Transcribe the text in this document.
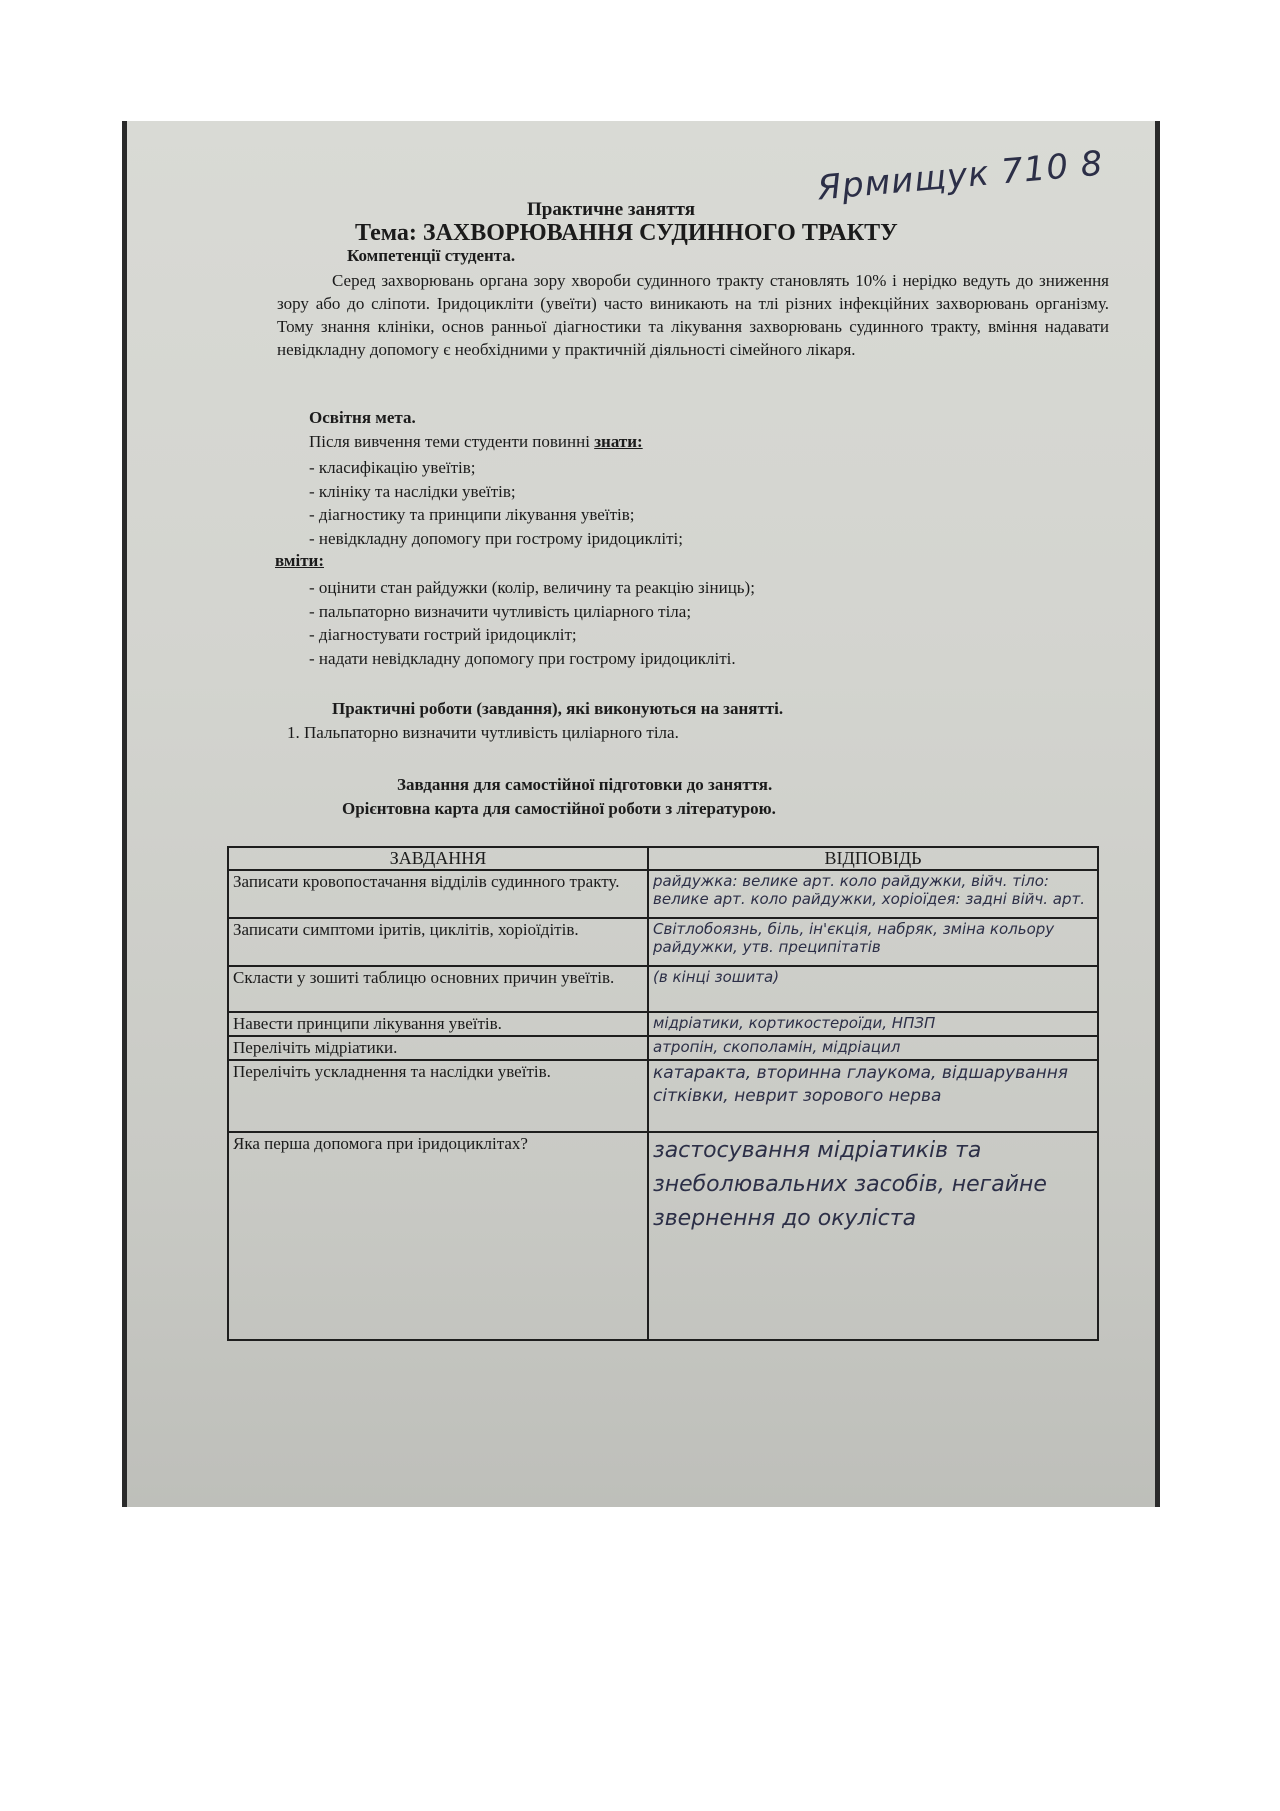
Ярмищук 710 8
Практичне заняття
Тема: ЗАХВОРЮВАННЯ СУДИННОГО ТРАКТУ
Компетенції студента.
Серед захворювань органа зору хвороби судинного тракту становлять 10% і нерідко ведуть до зниження зору або до сліпоти. Іридоцикліти (увеїти) часто виникають на тлі різних інфекційних захворювань організму. Тому знання клініки, основ ранньої діагностики та лікування захворювань судинного тракту, вміння надавати невідкладну допомогу є необхідними у практичній діяльності сімейного лікаря.
Освітня мета.
Після вивчення теми студенти повинні знати:
- класифікацію увеїтів;
- клініку та наслідки увеїтів;
- діагностику та принципи лікування увеїтів;
- невідкладну допомогу при гострому іридоцикліті;
вміти:
- оцінити стан райдужки (колір, величину та реакцію зіниць);
- пальпаторно визначити чутливість циліарного тіла;
- діагностувати гострий іридоцикліт;
- надати невідкладну допомогу при гострому іридоцикліті.
Практичні роботи (завдання), які виконуються на занятті.
1. Пальпаторно визначити чутливість циліарного тіла.
Завдання для самостійної підготовки до заняття.
Орієнтовна карта для самостійної роботи з літературою.
ЗАВДАННЯ	ВІДПОВІДЬ
Записати кровопостачання відділів судинного тракту.	райдужка: велике арт. коло райдужки, війч. тіло: велике арт. коло райдужки, хоріоїдея: задні війч. арт.
Записати симптоми іритів, циклітів, хоріоїдітів.	Світлобоязнь, біль, ін'єкція, набряк, зміна кольору райдужки, утв. преципітатів
Скласти у зошиті таблицю основних причин увеїтів.	(в кінці зошита)
Навести принципи лікування увеїтів.	мідріатики, кортикостероїди, НПЗП
Перелічіть мідріатики.	атропін, скополамін, мідріацил
Перелічіть ускладнення та наслідки увеїтів.	катаракта, вторинна глаукома, відшарування сітківки, неврит зорового нерва
Яка перша допомога при іридоциклітах?	застосування мідріатиків та знеболювальних засобів, негайне звернення до окуліста
